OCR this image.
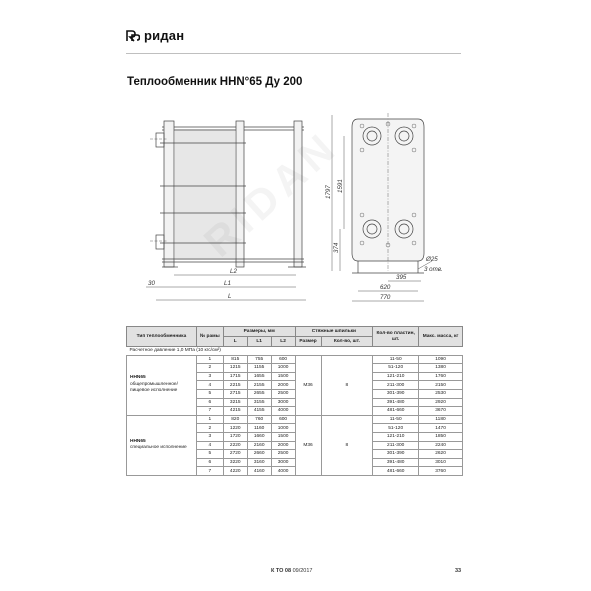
ридан
Теплообменник ННN°65 Ду 200
L2
L1
L
30
1797 1591
374
395
620
770
Ø25
3 отв.
Тип теплообменника	№ рамы	Размеры, мм			Стяжные шпильки		Кол-во пластин, шт.	Макс. масса, кг
		L	L1	L2	Размер	Кол-во, шт.		
Расчетное давление 1,0 МПа (10 кгс/см²)								
ННN65
общепромышленное/ пищевое исполнение	1	815	755	600	M36	8	11-50	1090
	2	1215	1155	1000			51-120	1380
	3	1715	1655	1500			121-210	1760
	4	2215	2155	2000			211-300	2150
	5	2715	2655	2500			301-390	2530
	6	3215	3155	3000			391-480	2920
	7	4215	4155	4000			481-660	3670
ННN65
специальное исполнение	1	820	760	600	M36	8	11-50	1180
	2	1220	1160	1000			51-120	1470
	3	1720	1660	1500			121-210	1850
	4	2220	2160	2000			211-300	2240
	5	2720	2660	2500			301-390	2620
	6	3220	3160	3000			391-480	3010
	7	4220	4160	4000			481-660	3760
К ТО 08 09/2017	33
